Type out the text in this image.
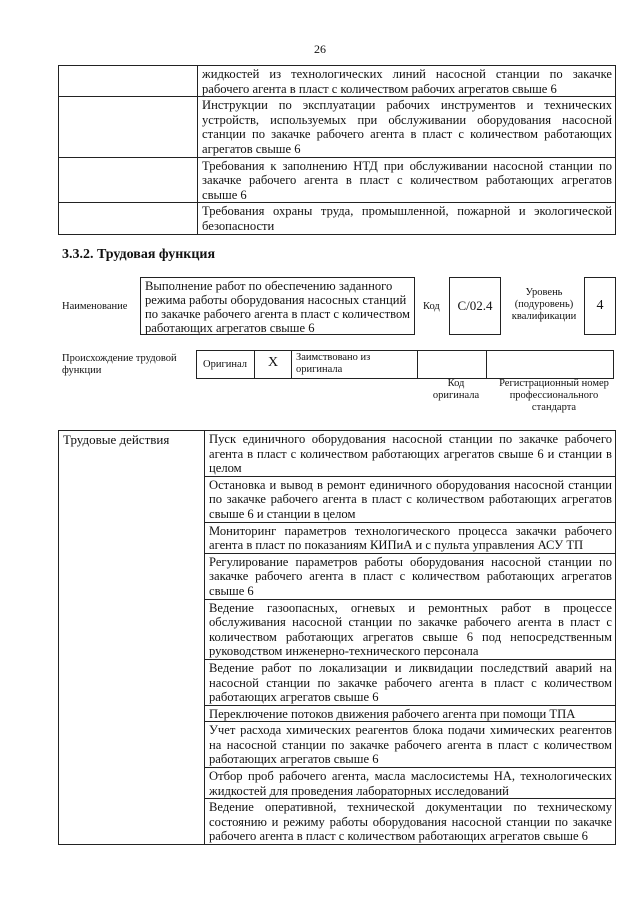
26
	жидкостей из технологических линий насосной станции по закачке рабочего агента в пласт с количеством рабочих агрегатов свыше 6
	Инструкции по эксплуатации рабочих инструментов и технических устройств, используемых при обслуживании оборудования насосной станции по закачке рабочего агента в пласт с количеством работающих агрегатов свыше 6
	Требования к заполнению НТД при обслуживании насосной станции по закачке рабочего агента в пласт с количеством работающих агрегатов свыше 6
	Требования охраны труда, промышленной, пожарной и экологической безопасности
3.3.2. Трудовая функция
Наименование
Выполнение работ по обеспечению заданного режима работы оборудования насосных станций по закачке рабочего агента в пласт с количеством работающих агрегатов свыше 6
Код	C/02.4
Уровень (подуровень) квалификации
4
Происхождение трудовой функции
Оригинал	X	Заимствовано из оригинала
Код оригинала
Регистрационный номер профессионального стандарта
Трудовые действия	Пуск единичного оборудования насосной станции по закачке рабочего агента в пласт с количеством работающих агрегатов свыше 6 и станции в целом
Остановка и вывод в ремонт единичного оборудования насосной станции по закачке рабочего агента в пласт с количеством работающих агрегатов свыше 6 и станции в целом
Мониторинг параметров технологического процесса закачки рабочего агента в пласт по показаниям КИПиА и с пульта управления АСУ ТП
Регулирование параметров работы оборудования насосной станции по закачке рабочего агента в пласт с количеством работающих агрегатов свыше 6
Ведение газоопасных, огневых и ремонтных работ в процессе обслуживания насосной станции по закачке рабочего агента в пласт с количеством работающих агрегатов свыше 6 под непосредственным руководством инженерно-технического персонала
Ведение работ по локализации и ликвидации последствий аварий на насосной станции по закачке рабочего агента в пласт с количеством работающих агрегатов свыше 6
Переключение потоков движения рабочего агента при помощи ТПА
Учет расхода химических реагентов блока подачи химических реагентов на насосной станции по закачке рабочего агента в пласт с количеством работающих агрегатов свыше 6
Отбор проб рабочего агента, масла маслосистемы НА, технологических жидкостей для проведения лабораторных исследований
Ведение оперативной, технической документации по техническому состоянию и режиму работы оборудования насосной станции по закачке рабочего агента в пласт с количеством работающих агрегатов свыше 6
